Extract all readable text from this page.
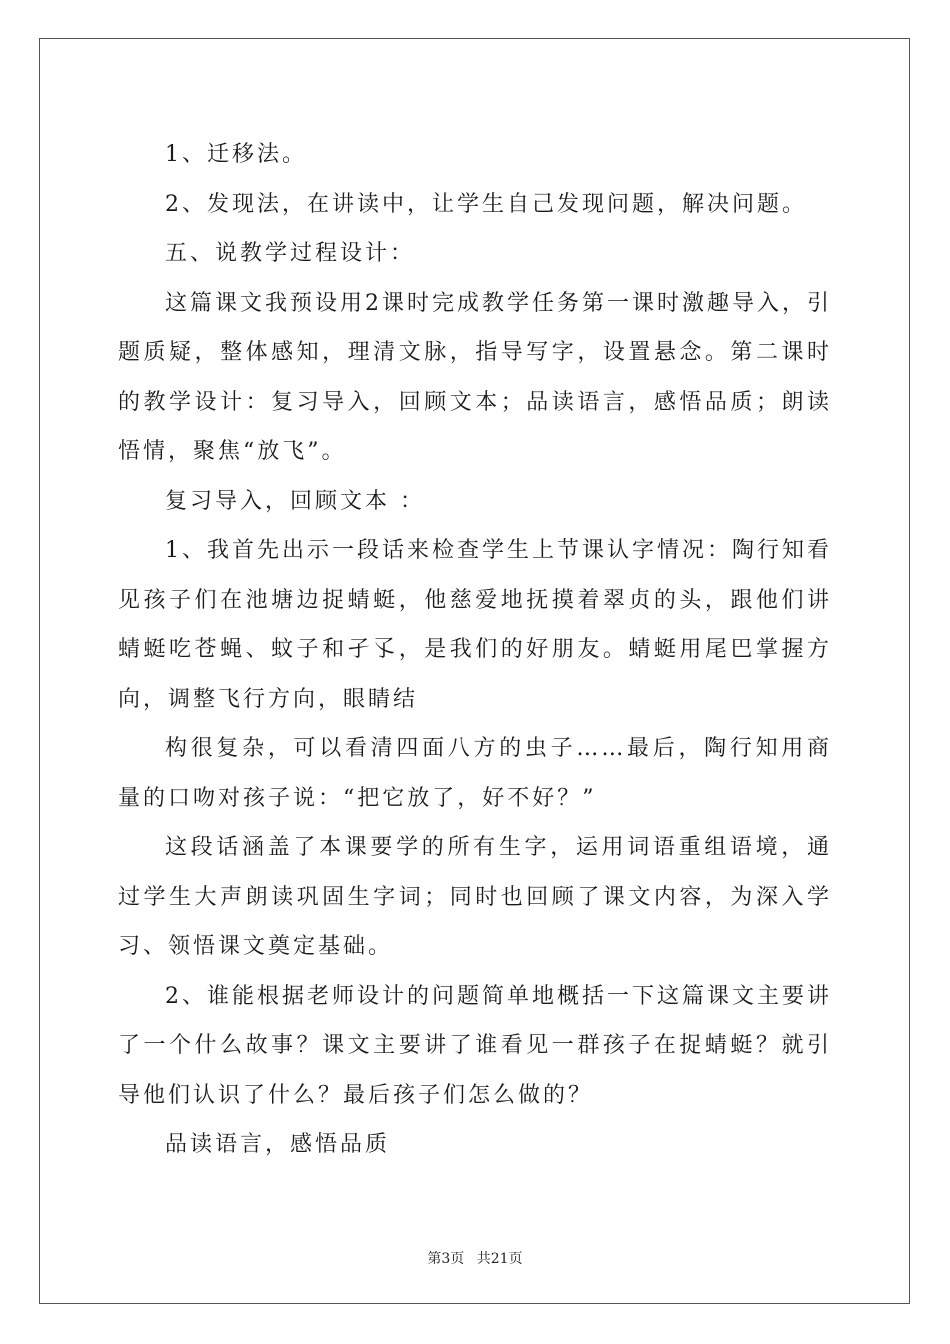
1、迁移法。

2、发现法，在讲读中，让学生自己发现问题，解决问题。

五、说教学过程设计：

这篇课文我预设用2课时完成教学任务第一课时激趣导入，引题质疑，整体感知，理清文脉，指导写字，设置悬念。第二课时的教学设计：复习导入，回顾文本；品读语言，感悟品质；朗读悟情，聚焦“放飞”。

复习导入，回顾文本 ：

1、我首先出示一段话来检查学生上节课认字情况：陶行知看见孩子们在池塘边捉蜻蜓，他慈爱地抚摸着翠贞的头，跟他们讲蜻蜓吃苍蝇、蚊子和孑孓，是我们的好朋友。蜻蜓用尾巴掌握方向，调整飞行方向，眼睛结

构很复杂，可以看清四面八方的虫子……最后，陶行知用商量的口吻对孩子说：“把它放了，好不好？”

这段话涵盖了本课要学的所有生字，运用词语重组语境，通过学生大声朗读巩固生字词；同时也回顾了课文内容，为深入学习、领悟课文奠定基础。

2、谁能根据老师设计的问题简单地概括一下这篇课文主要讲了一个什么故事？课文主要讲了谁看见一群孩子在捉蜻蜓？就引导他们认识了什么？最后孩子们怎么做的？

品读语言，感悟品质

第3页 共21页
